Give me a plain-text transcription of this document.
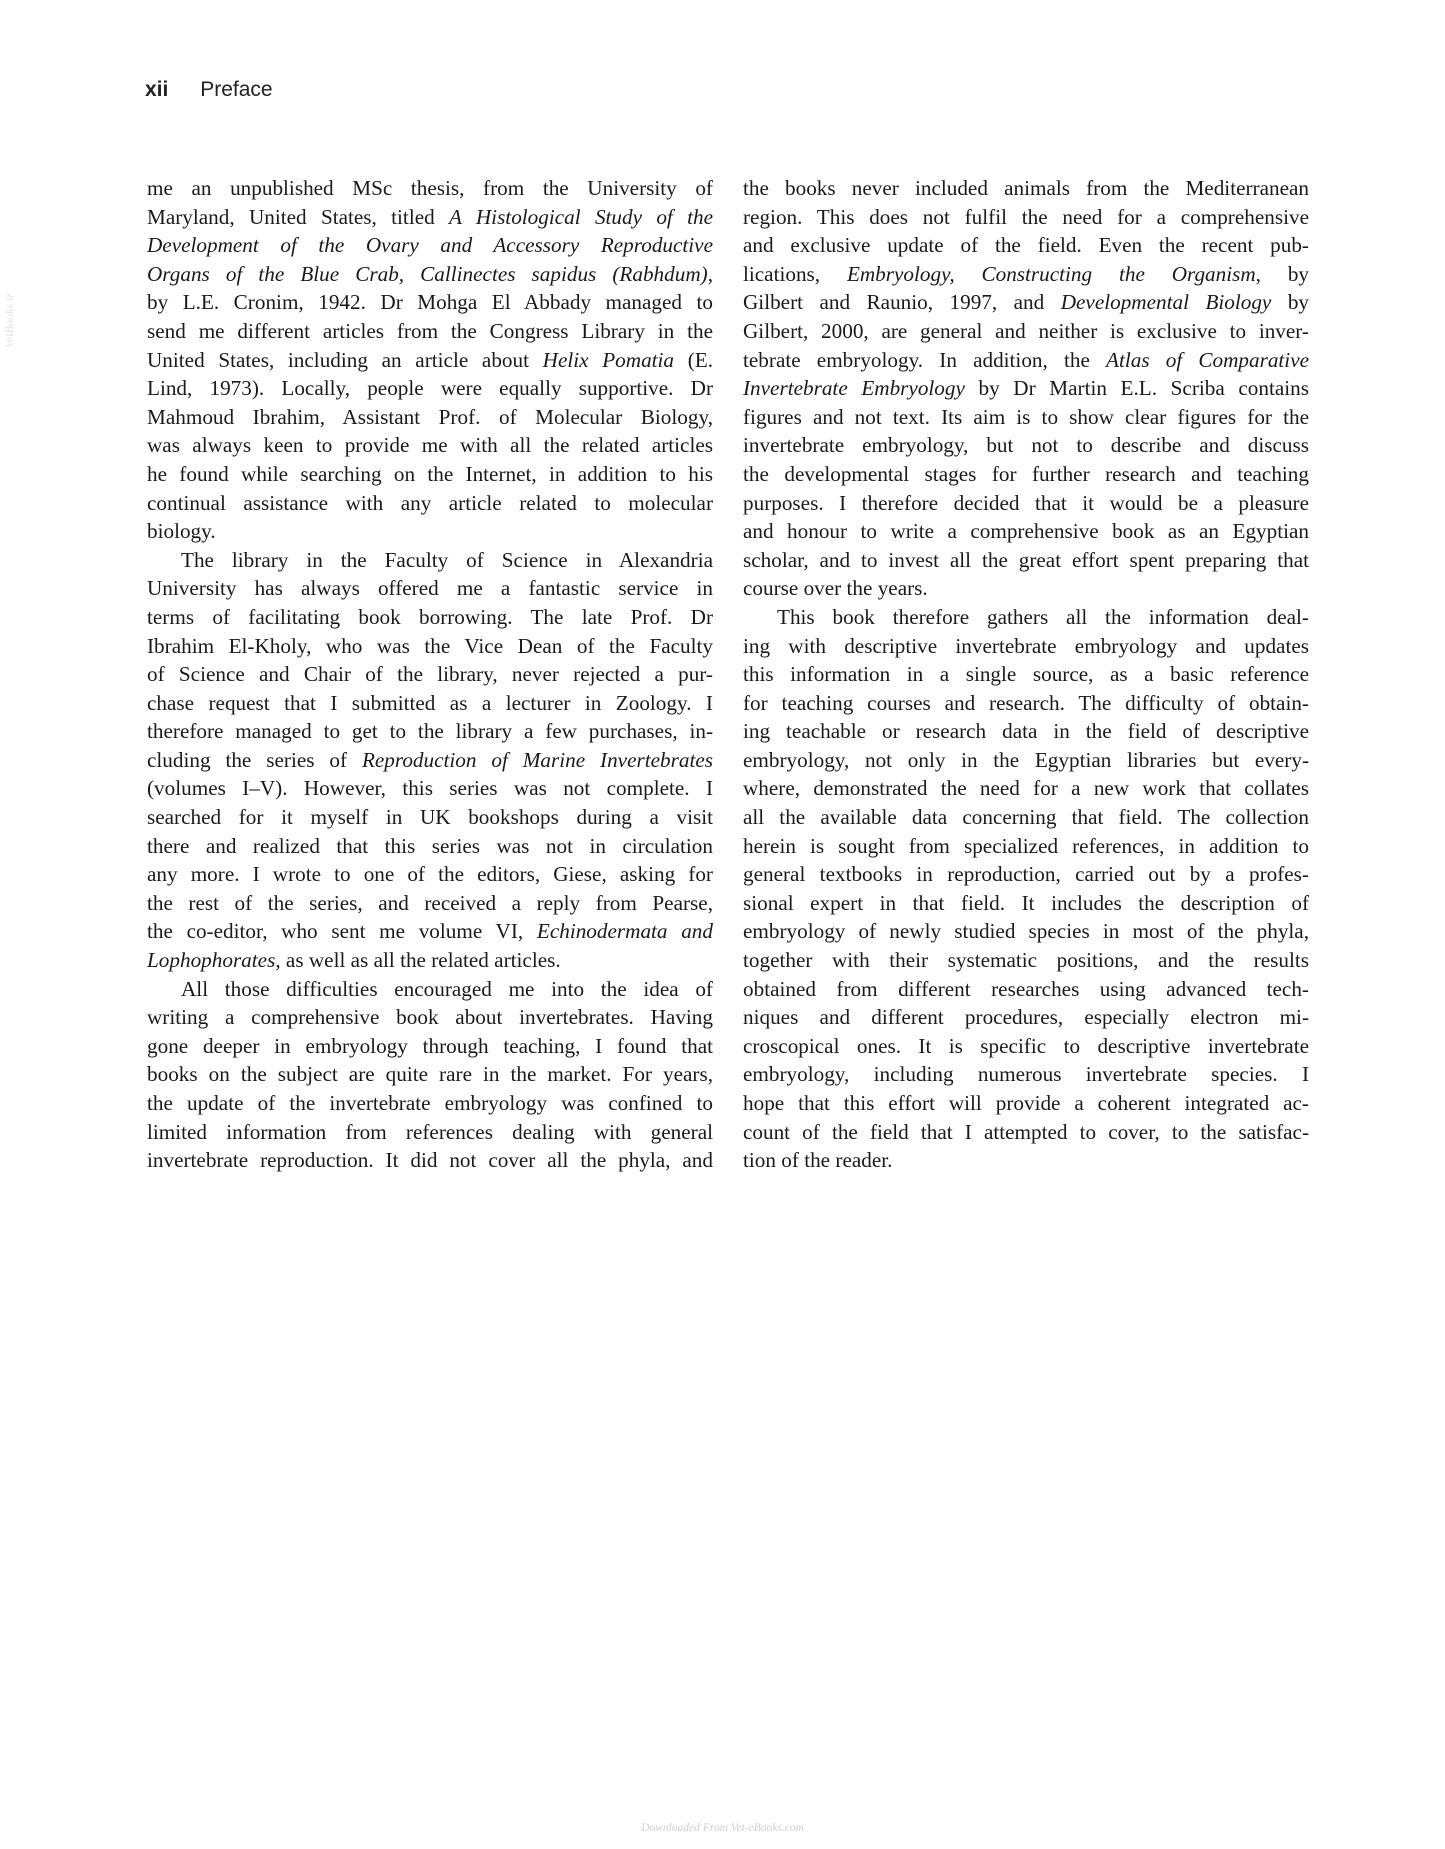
xii Preface
VetBooks.ir
me an unpublished MSc thesis, from the University of
Maryland, United States, titled A Histological Study of the
Development of the Ovary and Accessory Reproductive
Organs of the Blue Crab, Callinectes sapidus (Rabhdum),
by L.E. Cronim, 1942. Dr Mohga El Abbady managed to
send me different articles from the Congress Library in the
United States, including an article about Helix Pomatia (E.
Lind, 1973). Locally, people were equally supportive. Dr
Mahmoud Ibrahim, Assistant Prof. of Molecular Biology,
was always keen to provide me with all the related articles
he found while searching on the Internet, in addition to his
continual assistance with any article related to molecular
biology.
The library in the Faculty of Science in Alexandria
University has always offered me a fantastic service in
terms of facilitating book borrowing. The late Prof. Dr
Ibrahim El-Kholy, who was the Vice Dean of the Faculty
of Science and Chair of the library, never rejected a pur-
chase request that I submitted as a lecturer in Zoology. I
therefore managed to get to the library a few purchases, in-
cluding the series of Reproduction of Marine Invertebrates
(volumes I–V). However, this series was not complete. I
searched for it myself in UK bookshops during a visit
there and realized that this series was not in circulation
any more. I wrote to one of the editors, Giese, asking for
the rest of the series, and received a reply from Pearse,
the co-editor, who sent me volume VI, Echinodermata and
Lophophorates, as well as all the related articles.
All those difficulties encouraged me into the idea of
writing a comprehensive book about invertebrates. Having
gone deeper in embryology through teaching, I found that
books on the subject are quite rare in the market. For years,
the update of the invertebrate embryology was confined to
limited information from references dealing with general
invertebrate reproduction. It did not cover all the phyla, and
the books never included animals from the Mediterranean
region. This does not fulfil the need for a comprehensive
and exclusive update of the field. Even the recent pub-
lications, Embryology, Constructing the Organism, by
Gilbert and Raunio, 1997, and Developmental Biology by
Gilbert, 2000, are general and neither is exclusive to inver-
tebrate embryology. In addition, the Atlas of Comparative
Invertebrate Embryology by Dr Martin E.L. Scriba contains
figures and not text. Its aim is to show clear figures for the
invertebrate embryology, but not to describe and discuss
the developmental stages for further research and teaching
purposes. I therefore decided that it would be a pleasure
and honour to write a comprehensive book as an Egyptian
scholar, and to invest all the great effort spent preparing that
course over the years.
This book therefore gathers all the information deal-
ing with descriptive invertebrate embryology and updates
this information in a single source, as a basic reference
for teaching courses and research. The difficulty of obtain-
ing teachable or research data in the field of descriptive
embryology, not only in the Egyptian libraries but every-
where, demonstrated the need for a new work that collates
all the available data concerning that field. The collection
herein is sought from specialized references, in addition to
general textbooks in reproduction, carried out by a profes-
sional expert in that field. It includes the description of
embryology of newly studied species in most of the phyla,
together with their systematic positions, and the results
obtained from different researches using advanced tech-
niques and different procedures, especially electron mi-
croscopical ones. It is specific to descriptive invertebrate
embryology, including numerous invertebrate species. I
hope that this effort will provide a coherent integrated ac-
count of the field that I attempted to cover, to the satisfac-
tion of the reader.
Downloaded From Vet-eBooks.com
